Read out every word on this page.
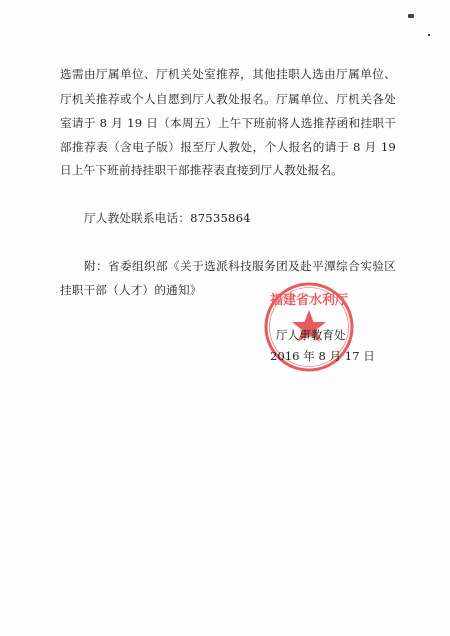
选需由厅属单位、厅机关处室推荐，其他挂职人选由厅属单位、
厅机关推荐或个人自愿到厅人教处报名。厅属单位、厅机关各处
室请于 8 月 19 日（本周五）上午下班前将人选推荐函和挂职干
部推荐表（含电子版）报至厅人教处，个人报名的请于 8 月 19
日上午下班前持挂职干部推荐表直接到厅人教处报名。
厅人教处联系电话：87535864
附：省委组织部《关于选派科技服务团及赴平潭综合实验区
挂职干部（人才）的通知》
福建省水利厅
厅人事教育处
2016 年 8 月 17 日
